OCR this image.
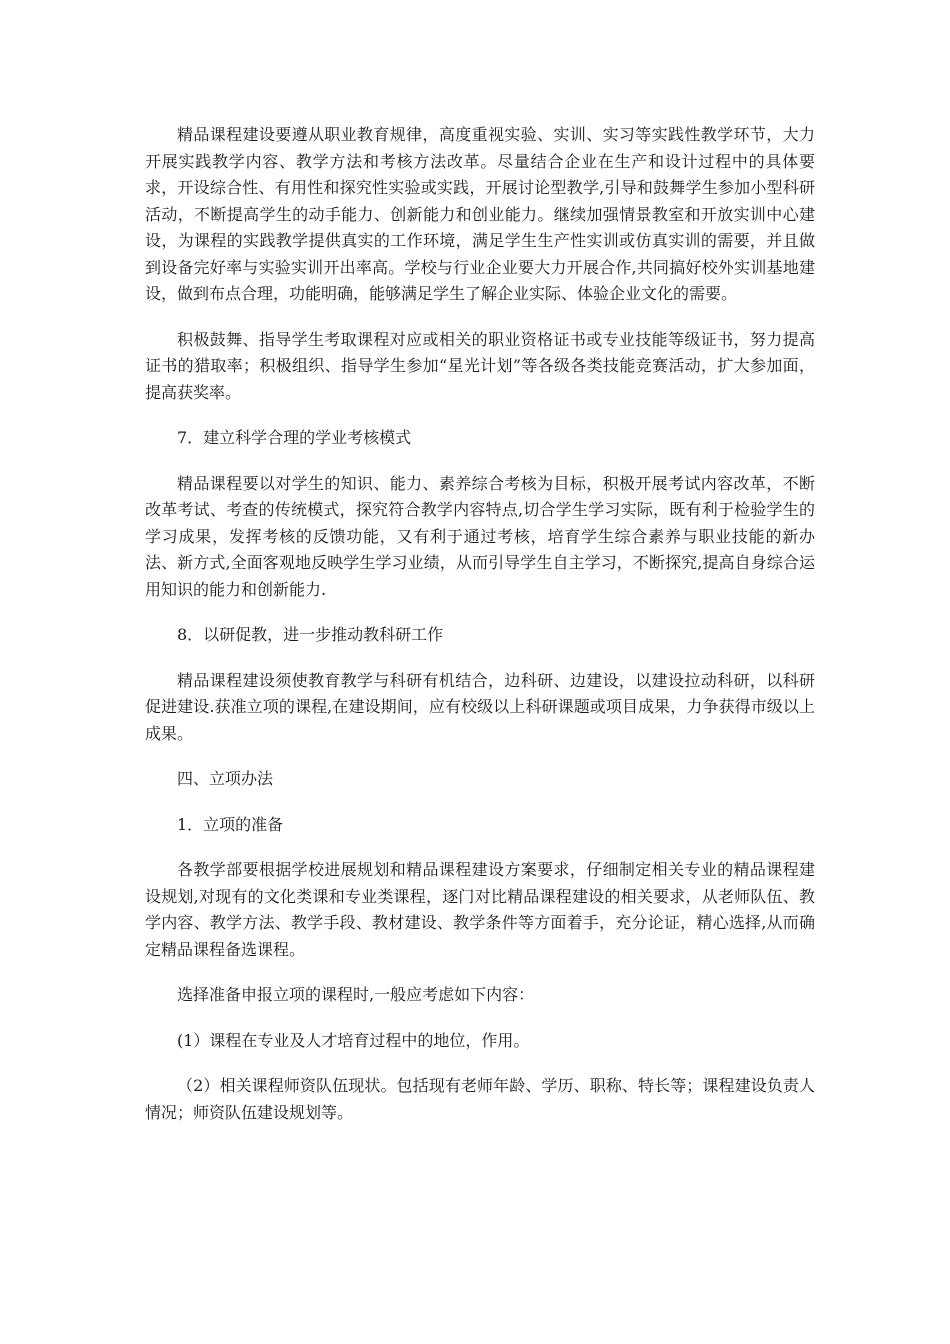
精品课程建设要遵从职业教育规律，高度重视实验、实训、实习等实践性教学环节，大力开展实践教学内容、教学方法和考核方法改革。尽量结合企业在生产和设计过程中的具体要求，开设综合性、有用性和探究性实验或实践，开展讨论型教学,引导和鼓舞学生参加小型科研活动，不断提高学生的动手能力、创新能力和创业能力。继续加强情景教室和开放实训中心建设，为课程的实践教学提供真实的工作环境，满足学生生产性实训或仿真实训的需要，并且做到设备完好率与实验实训开出率高。学校与行业企业要大力开展合作,共同搞好校外实训基地建设，做到布点合理，功能明确，能够满足学生了解企业实际、体验企业文化的需要。

积极鼓舞、指导学生考取课程对应或相关的职业资格证书或专业技能等级证书，努力提高证书的猎取率；积极组织、指导学生参加“星光计划”等各级各类技能竞赛活动，扩大参加面，提高获奖率。

7．建立科学合理的学业考核模式

精品课程要以对学生的知识、能力、素养综合考核为目标，积极开展考试内容改革，不断改革考试、考查的传统模式，探究符合教学内容特点,切合学生学习实际，既有利于检验学生的学习成果，发挥考核的反馈功能，又有利于通过考核，培育学生综合素养与职业技能的新办法、新方式,全面客观地反映学生学习业绩，从而引导学生自主学习，不断探究,提高自身综合运用知识的能力和创新能力.

8．以研促教，进一步推动教科研工作

精品课程建设须使教育教学与科研有机结合，边科研、边建设，以建设拉动科研，以科研促进建设.获准立项的课程,在建设期间，应有校级以上科研课题或项目成果，力争获得市级以上成果。

四、立项办法

1．立项的准备

各教学部要根据学校进展规划和精品课程建设方案要求，仔细制定相关专业的精品课程建设规划,对现有的文化类课和专业类课程，逐门对比精品课程建设的相关要求，从老师队伍、教学内容、教学方法、教学手段、教材建设、教学条件等方面着手，充分论证，精心选择,从而确定精品课程备选课程。

选择准备申报立项的课程时,一般应考虑如下内容：

(1）课程在专业及人才培育过程中的地位，作用。

（2）相关课程师资队伍现状。包括现有老师年龄、学历、职称、特长等；课程建设负责人情况；师资队伍建设规划等。
